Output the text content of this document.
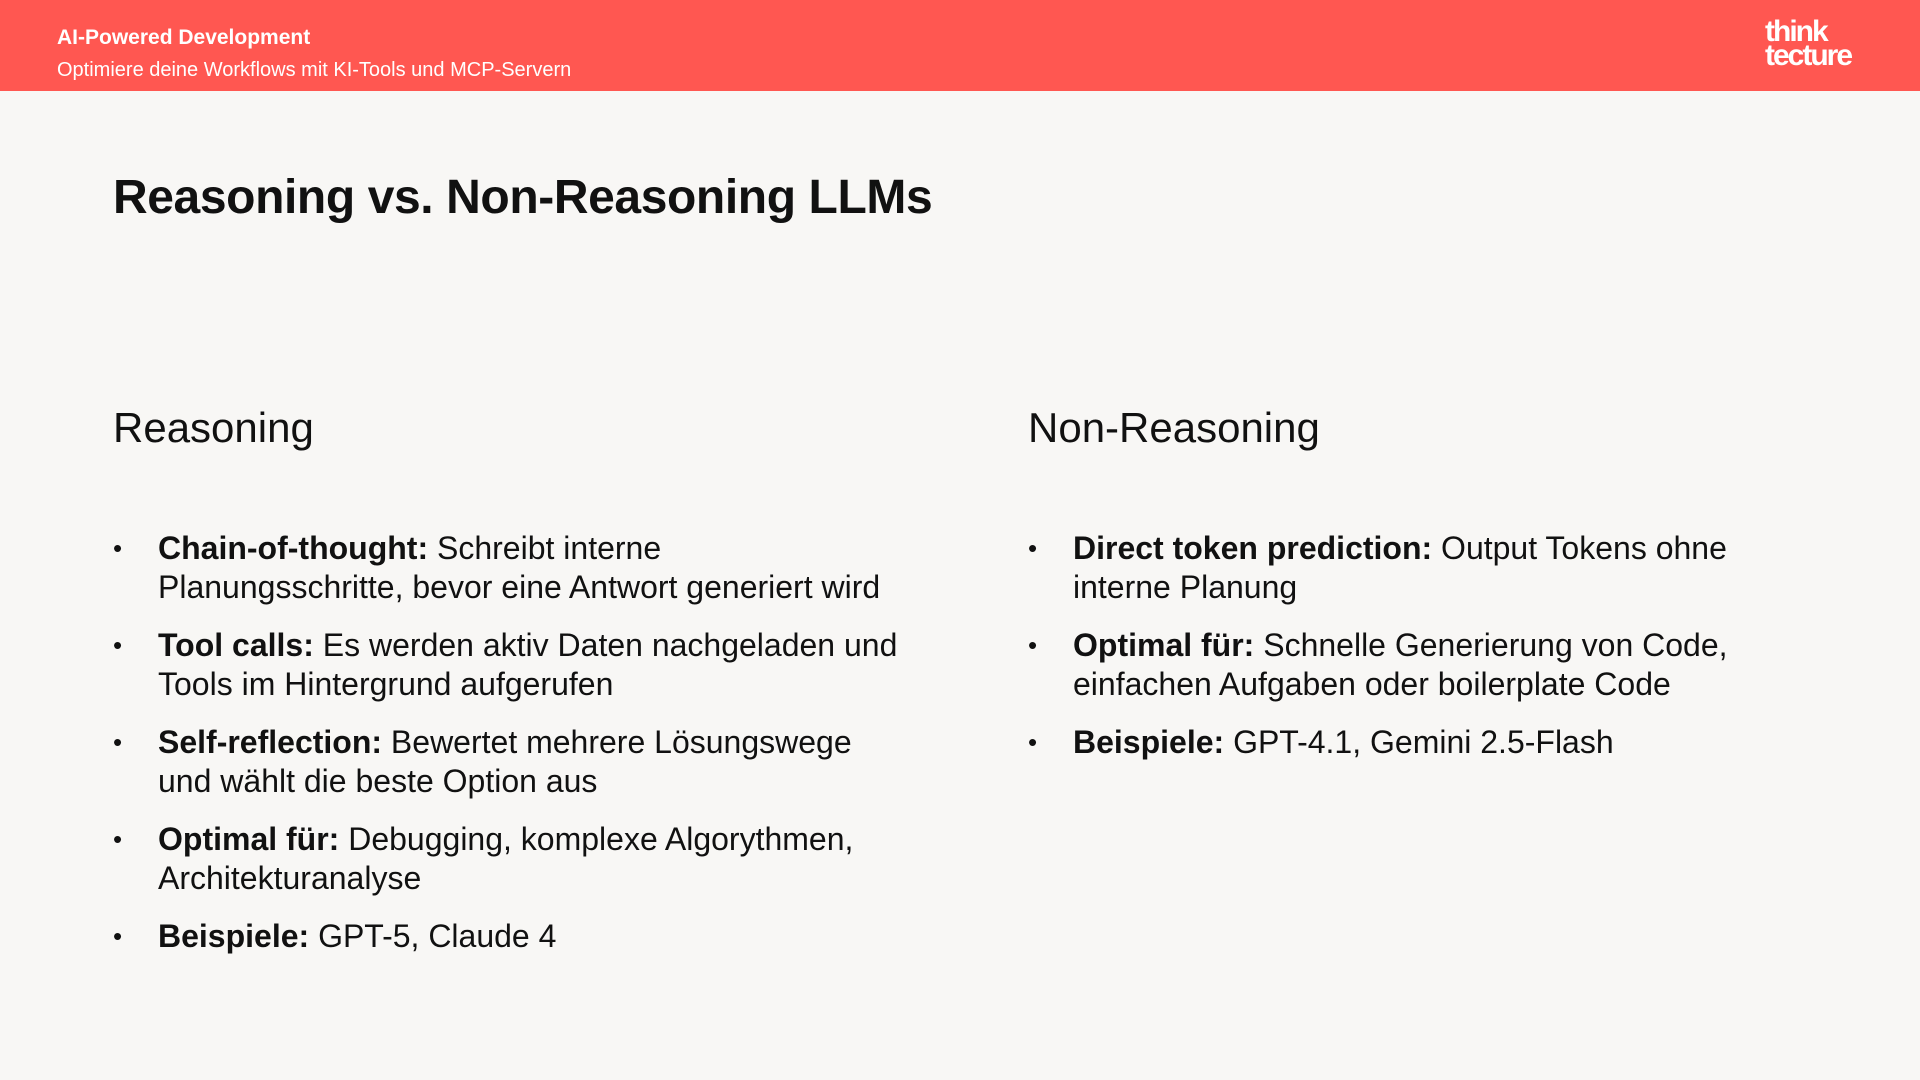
AI-Powered Development
Optimiere deine Workflows mit KI-Tools und MCP-Servern
think
tecture
Reasoning vs. Non-Reasoning LLMs
Reasoning
•	Chain-of-thought: Schreibt interne Planungsschritte, bevor eine Antwort generiert wird
•	Tool calls: Es werden aktiv Daten nachgeladen und Tools im Hintergrund aufgerufen
•	Self-reflection: Bewertet mehrere Lösungswege und wählt die beste Option aus
•	Optimal für: Debugging, komplexe Algorythmen, Architekturanalyse
•	Beispiele: GPT-5, Claude 4
Non-Reasoning
•	Direct token prediction: Output Tokens ohne interne Planung
•	Optimal für: Schnelle Generierung von Code, einfachen Aufgaben oder boilerplate Code
•	Beispiele: GPT-4.1, Gemini 2.5-Flash
